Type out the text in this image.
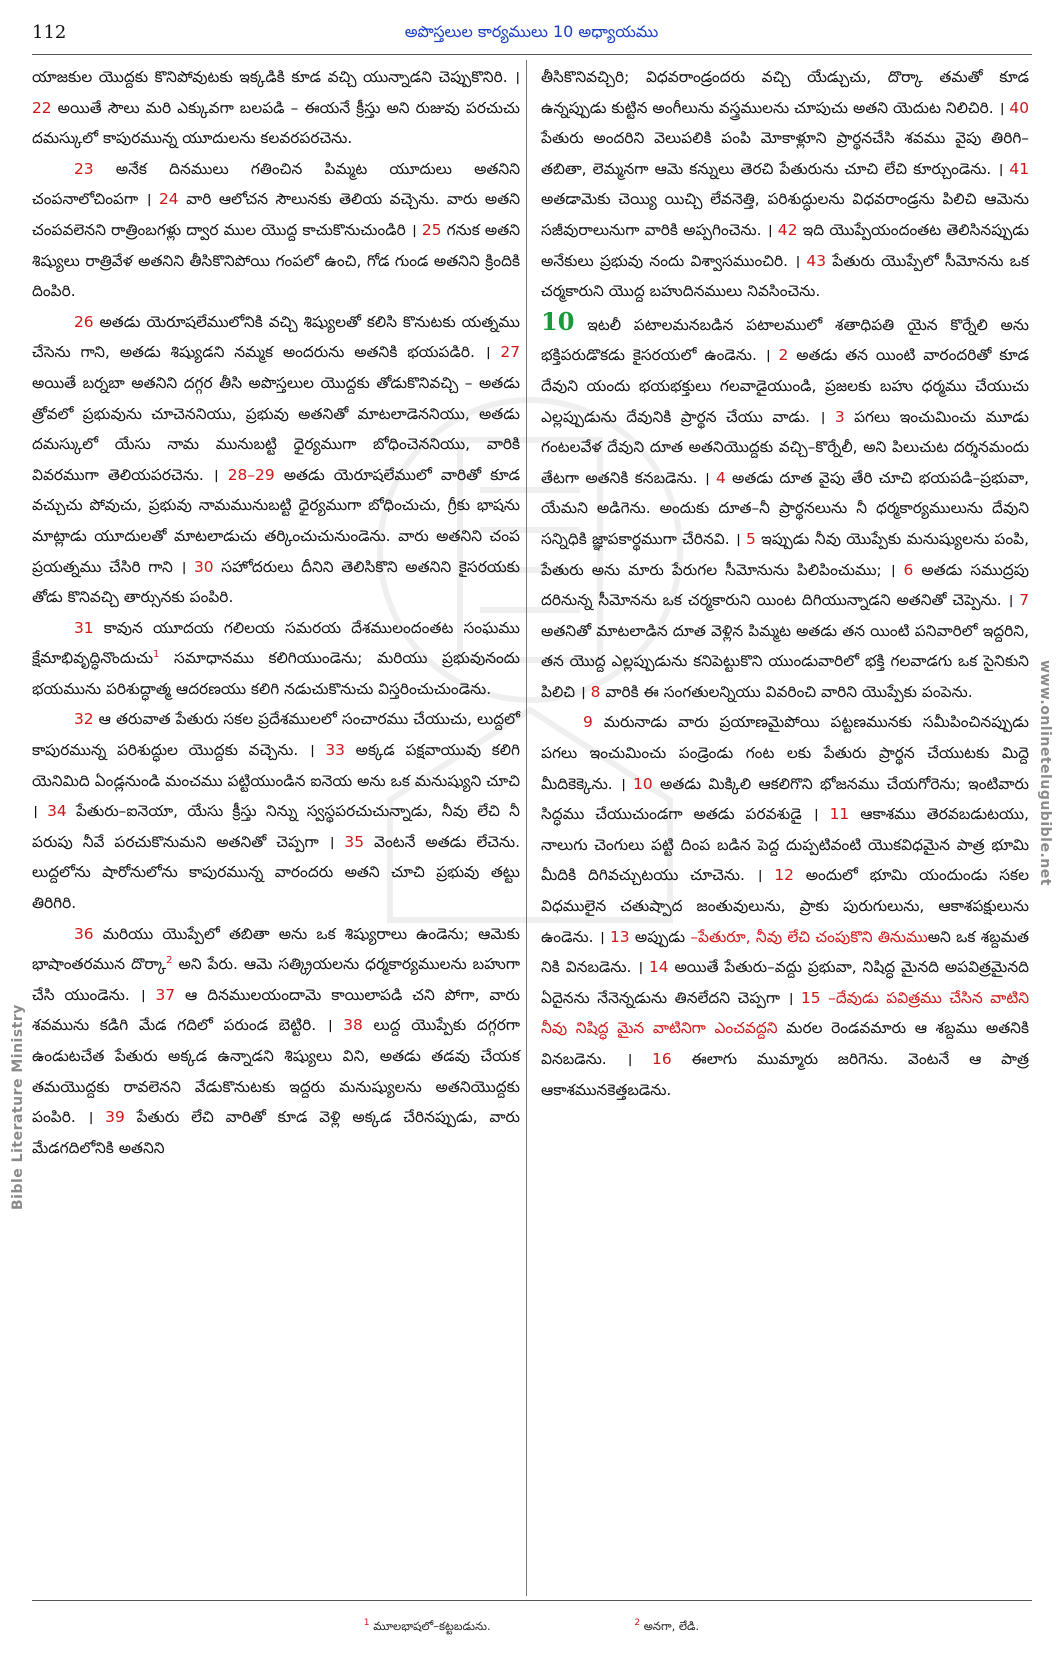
112	అపొస్తలుల కార్యములు 10 అధ్యాయము

యాజకుల యొద్దకు కొనిపోవుటకు ఇక్కడికి కూడ వచ్చి యున్నాడని చెప్పుకొనిరి. ।22 అయితే సౌలు మరి ఎక్కువగా బలపడి – ఈయనే క్రీస్తు అని రుజువు పరచుచు దమస్కులో కాపురమున్న యూదులను కలవరపరచెను.

23 అనేక దినములు గతించిన పిమ్మట యూదులు అతనిని చంపనాలోచింపగా । 24 వారి ఆలోచన సౌలునకు తెలియ వచ్చెను. వారు అతని చంపవలెనని రాత్రింబగళ్లు ద్వార ముల యొద్ద కాచుకొనుచుండిరి । 25 గనుక అతని శిష్యులు రాత్రివేళ అతనిని తీసికొనిపోయి గంపలో ఉంచి, గోడ గుండ అతనిని క్రిందికి దింపిరి.

26 అతడు యెరూషలేములోనికి వచ్చి శిష్యులతో కలిసి కొనుటకు యత్నము చేసెను గాని, అతడు శిష్యుడని నమ్మక అందరును అతనికి భయపడిరి. । 27 అయితే బర్నబా అతనిని దగ్గర తీసి అపొస్తలుల యొద్దకు తోడుకొనివచ్చి – అతడు త్రోవలో ప్రభువును చూచెననియు, ప్రభువు అతనితో మాటలాడెననియు, అతడు దమస్కులో యేసు నామ మునుబట్టి ధైర్యముగా బోధించెననియు, వారికి వివరముగా తెలియపరచెను. । 28–29 అతడు యెరూషలేములో వారితో కూడ వచ్చుచు పోవుచు, ప్రభువు నామమునుబట్టి ధైర్యముగా బోధించుచు, గ్రీకు భాషను మాట్లాడు యూదులతో మాటలాడుచు తర్కించుచునుండెను. వారు అతనిని చంప ప్రయత్నము చేసిరి గాని । 30 సహోదరులు దీనిని తెలిసికొని అతనిని కైసరయకు తోడు కొనివచ్చి తార్సునకు పంపిరి.

31 కావున యూదయ గలిలయ సమరయ దేశములందంతట సంఘము క్షేమాభివృద్ధినొందుచు$^1$ సమాధానము కలిగియుండెను; మరియు ప్రభువునందు భయమును పరిశుద్ధాత్మ ఆదరణయు కలిగి నడుచుకొనుచు విస్తరించుచుండెను.

32 ఆ తరువాత పేతురు సకల ప్రదేశములలో సంచారము చేయుచు, లుద్దలో కాపురమున్న పరిశుద్ధుల యొద్దకు వచ్చెను. । 33 అక్కడ పక్షవాయువు కలిగి యెనిమిది ఏండ్లనుండి మంచము పట్టియుండిన ఐనెయ అను ఒక మనుష్యుని చూచి । 34 పేతురు–ఐనెయా, యేసు క్రీస్తు నిన్ను స్వస్థపరచుచున్నాడు, నీవు లేచి నీ పరుపు నీవే పరచుకొనుమని అతనితో చెప్పగా । 35 వెంటనే అతడు లేచెను. లుద్దలోను షారోనులోను కాపురమున్న వారందరు అతని చూచి ప్రభువు తట్టు తిరిగిరి.

36 మరియు యొప్పేలో తబితా అను ఒక శిష్యురాలు ఉండెను; ఆమెకు భాషాంతరమున దొర్కా$^2$ అని పేరు. ఆమె సత్క్రియలను ధర్మకార్యములను బహుగా చేసి యుండెను. । 37 ఆ దినములయందామె కాయిలాపడి చని పోగా, వారు శవమును కడిగి మేడ గదిలో పరుండ బెట్టిరి. । 38 లుద్ద యొప్పేకు దగ్గరగా ఉండుటచేత పేతురు అక్కడ ఉన్నాడని శిష్యులు విని, అతడు తడవు చేయక తమయొద్దకు రావలెనని వేడుకొనుటకు ఇద్దరు మనుష్యులను అతనియొద్దకు పంపిరి. । 39 పేతురు లేచి వారితో కూడ వెళ్లి అక్కడ చేరినప్పుడు, వారు మేడగదిలోనికి అతనిని

తీసికొనివచ్చిరి; విధవరాండ్రందరు వచ్చి యేడ్చుచు, దొర్కా తమతో కూడ ఉన్నప్పుడు కుట్టిన అంగీలును వస్త్రములను చూపుచు అతని యెదుట నిలిచిరి. । 40 పేతురు అందరిని వెలుపలికి పంపి మోకాళ్లూని ప్రార్థనచేసి శవము వైపు తిరిగి–తబితా, లెమ్మనగా ఆమె కన్నులు తెరచి పేతురును చూచి లేచి కూర్చుండెను. । 41 అతడామెకు చెయ్యి యిచ్చి లేవనెత్తి, పరిశుద్ధులను విధవరాండ్రను పిలిచి ఆమెను సజీవురాలునుగా వారికి అప్పగించెను. । 42 ఇది యొప్పేయందంతట తెలిసినప్పుడు అనేకులు ప్రభువు నందు విశ్వాసముంచిరి. । 43 పేతురు యొప్పేలో సీమోనను ఒక చర్మకారుని యొద్ద బహుదినములు నివసించెను.

10 ఇటలీ పటాలమనబడిన పటాలములో శతాధిపతి యైన కొర్నేలి అను భక్తిపరుడొకడు కైసరయలో ఉండెను. । 2 అతడు తన యింటి వారందరితో కూడ దేవుని యందు భయభక్తులు గలవాడైయుండి, ప్రజలకు బహు ధర్మము చేయుచు ఎల్లప్పుడును దేవునికి ప్రార్థన చేయు వాడు. । 3 పగలు ఇంచుమించు మూడు గంటలవేళ దేవుని దూత అతనియొద్దకు వచ్చి–కొర్నేలీ, అని పిలుచుట దర్శనమందు తేటగా అతనికి కనబడెను. । 4 అతడు దూత వైపు తేరి చూచి భయపడి–ప్రభువా, యేమని అడిగెను. అందుకు దూత–నీ ప్రార్థనలును నీ ధర్మకార్యములును దేవుని సన్నిధికి జ్ఞాపకార్థముగా చేరినవి. । 5 ఇప్పుడు నీవు యొప్పేకు మనుష్యులను పంపి, పేతురు అను మారు పేరుగల సీమోనును పిలిపించుము; । 6 అతడు సముద్రపు దరినున్న సీమోనను ఒక చర్మకారుని యింట దిగియున్నాడని అతనితో చెప్పెను. । 7 అతనితో మాటలాడిన దూత వెళ్లిన పిమ్మట అతడు తన యింటి పనివారిలో ఇద్దరిని, తన యొద్ద ఎల్లప్పుడును కనిపెట్టుకొని యుండువారిలో భక్తి గలవాడగు ఒక సైనికుని పిలిచి । 8 వారికి ఈ సంగతులన్నియు వివరించి వారిని యొప్పేకు పంపెను.

9 మరునాడు వారు ప్రయాణమైపోయి పట్టణమునకు సమీపించినప్పుడు పగలు ఇంచుమించు పండ్రెండు గంట లకు పేతురు ప్రార్థన చేయుటకు మిద్దె మీదికెక్కెను. । 10 అతడు మిక్కిలి ఆకలిగొని భోజనము చేయగోరెను; ఇంటివారు సిద్ధము చేయుచుండగా అతడు పరవశుడై । 11 ఆకాశము తెరవబడుటయు, నాలుగు చెంగులు పట్టి దింప బడిన పెద్ద దుప్పటివంటి యొకవిధమైన పాత్ర భూమి మీదికి దిగివచ్చుటయు చూచెను. । 12 అందులో భూమి యందుండు సకల విధములైన చతుష్పాద జంతువులును, ప్రాకు పురుగులును, ఆకాశపక్షులును ఉండెను. । 13 అప్పుడు –పేతురూ, నీవు లేచి చంపుకొని తినుముఅని ఒక శబ్దమత నికి వినబడెను. । 14 అయితే పేతురు–వద్దు ప్రభువా, నిషిద్ధ మైనది అపవిత్రమైనది ఏదైనను నేనెన్నడును తినలేదని చెప్పగా । 15 –దేవుడు పవిత్రము చేసిన వాటిని నీవు నిషిద్ధ మైన వాటినిగా ఎంచవద్దని మరల రెండవమారు ఆ శబ్దము అతనికి వినబడెను. । 16 ఈలాగు ముమ్మారు జరిగెను. వెంటనే ఆ పాత్ర ఆకాశమునకెత్తబడెను.

Bible Literature Ministry
www.onlinetelugubible.net
$^1$ మూలభాషలో–కట్టబడును.	$^2$ అనగా, లేడి.
